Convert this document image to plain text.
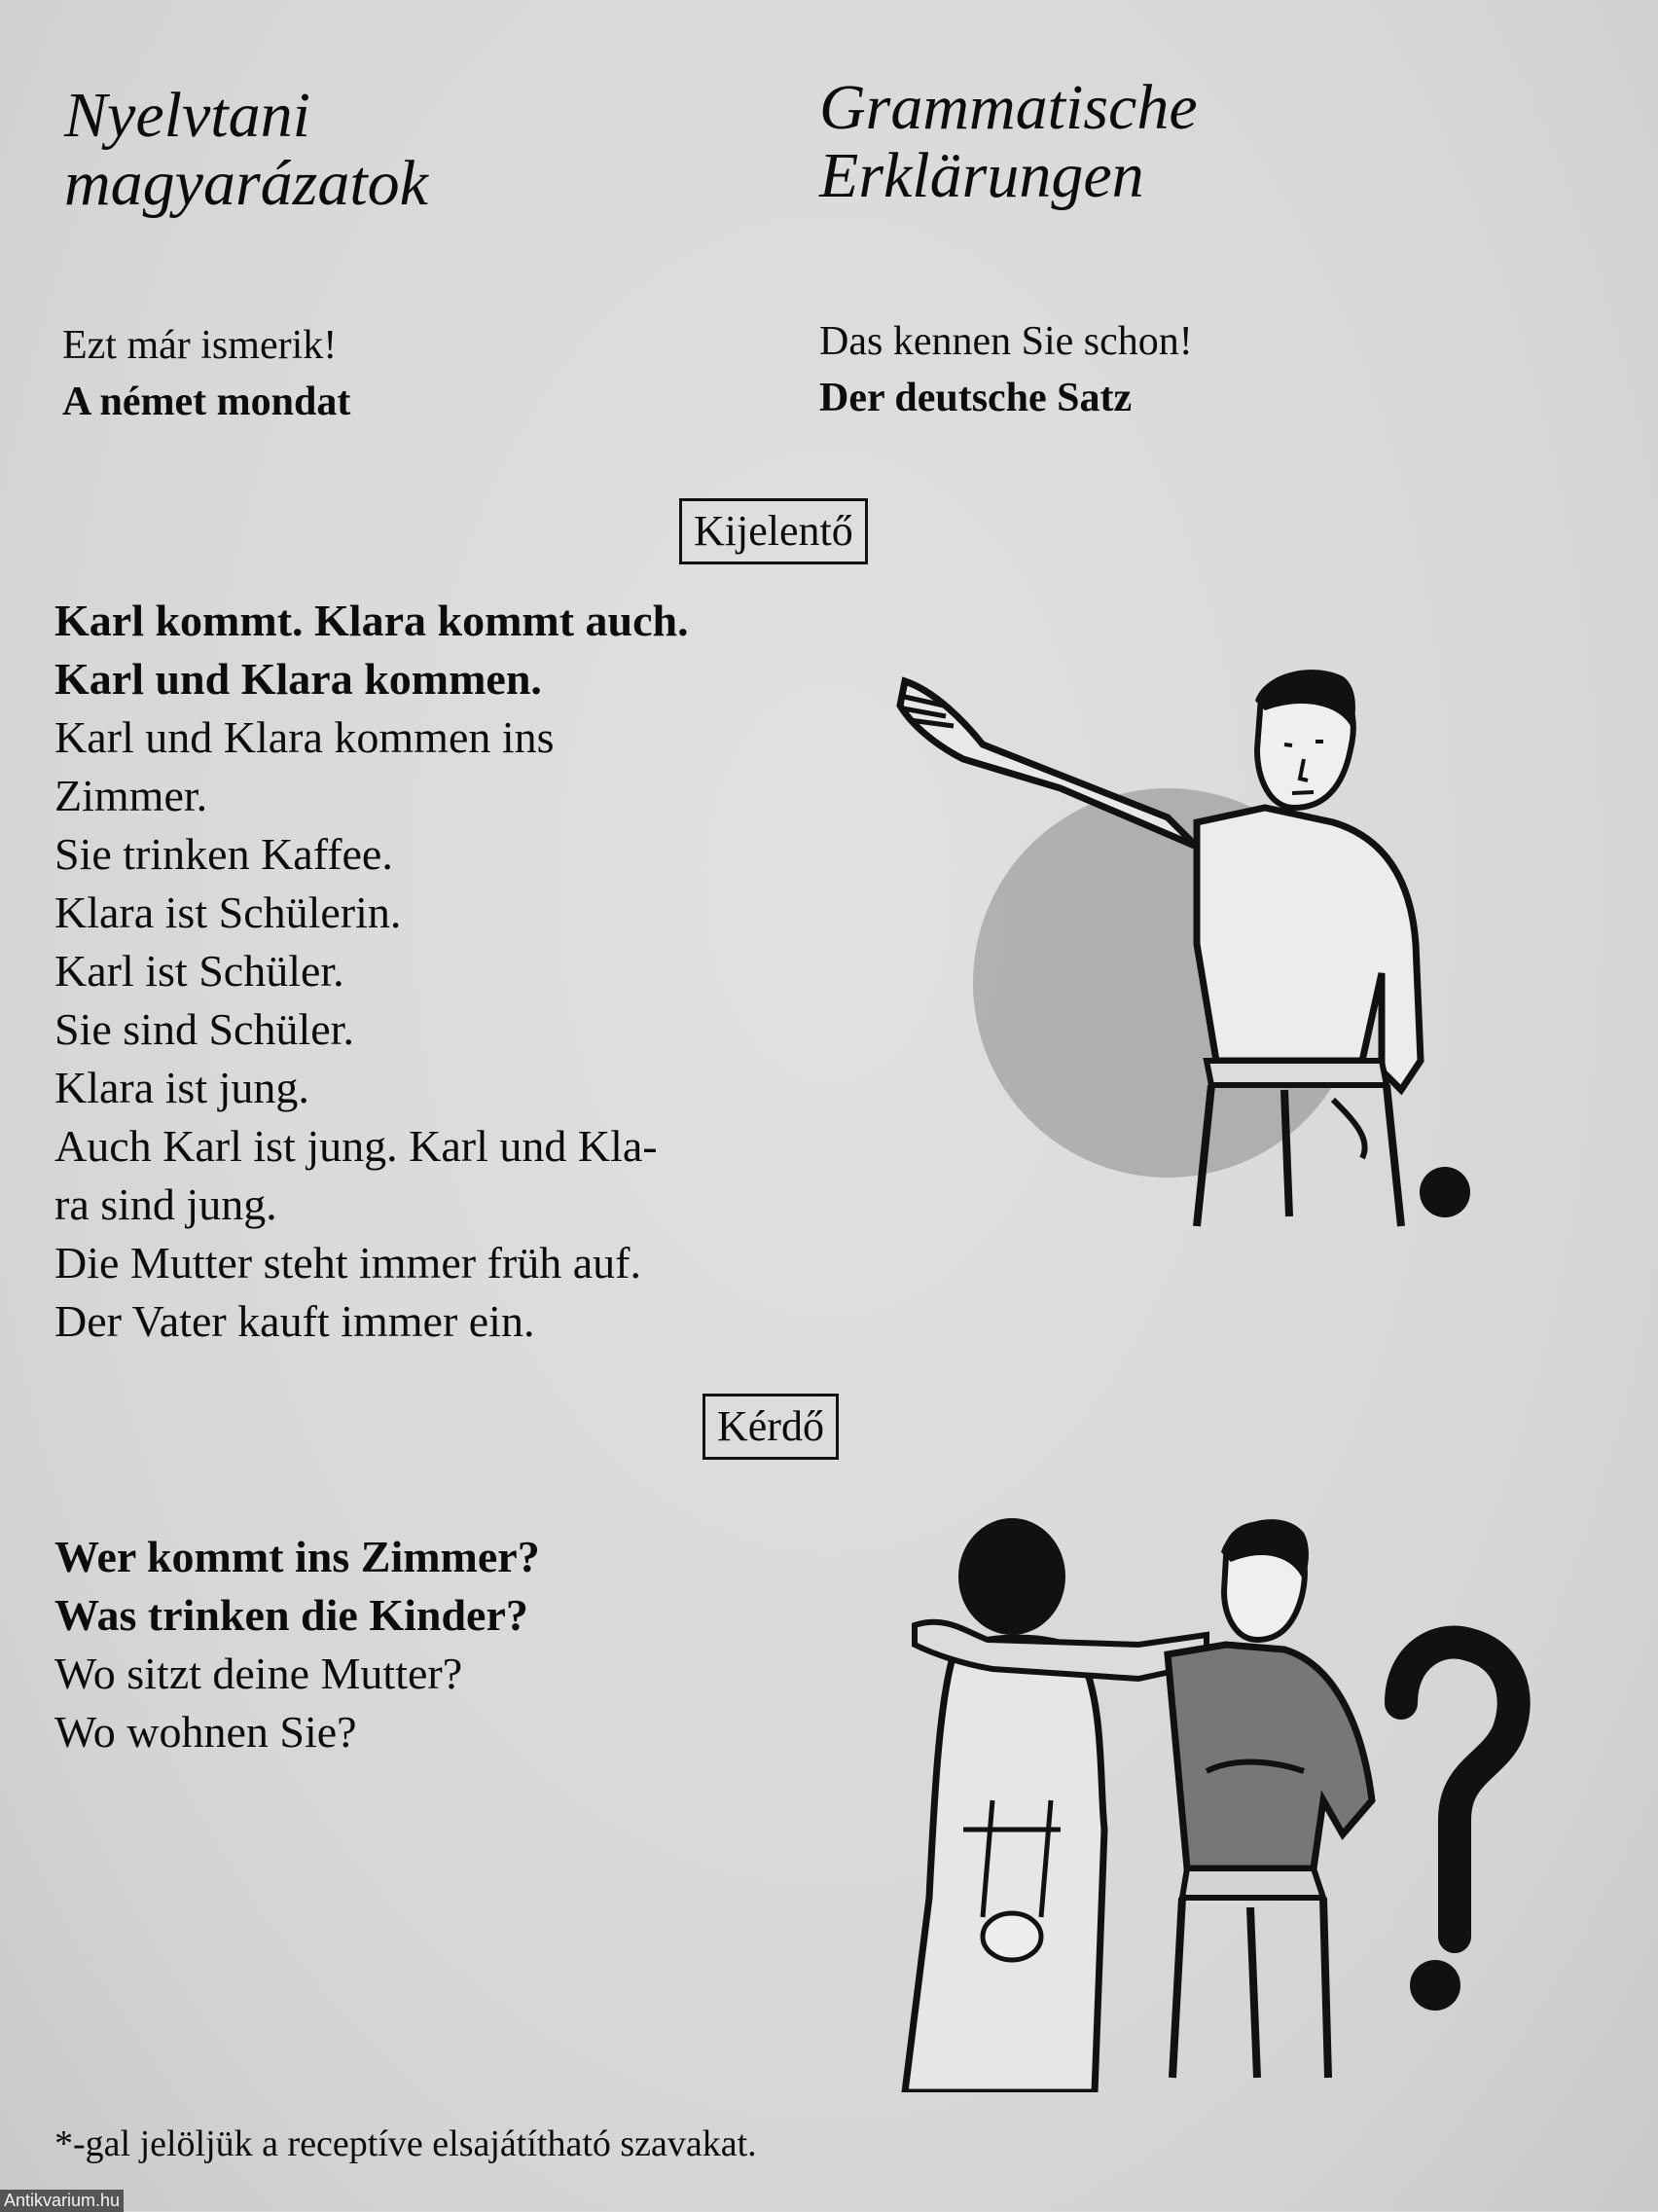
Nyelvtani
magyarázatok
Grammatische
Erklärungen
Ezt már ismerik!
A német mondat
Das kennen Sie schon!
Der deutsche Satz
Kijelentő
Karl kommt. Klara kommt auch.
Karl und Klara kommen.
Karl und Klara kommen ins
Zimmer.
Sie trinken Kaffee.
Klara ist Schülerin.
Karl ist Schüler.
Sie sind Schüler.
Klara ist jung.
Auch Karl ist jung. Karl und Kla-
ra sind jung.
Die Mutter steht immer früh auf.
Der Vater kauft immer ein.
Kérdő
Wer kommt ins Zimmer?
Was trinken die Kinder?
Wo sitzt deine Mutter?
Wo wohnen Sie?
*-gal jelöljük a receptíve elsajátítható szavakat.
Antikvarium.hu
